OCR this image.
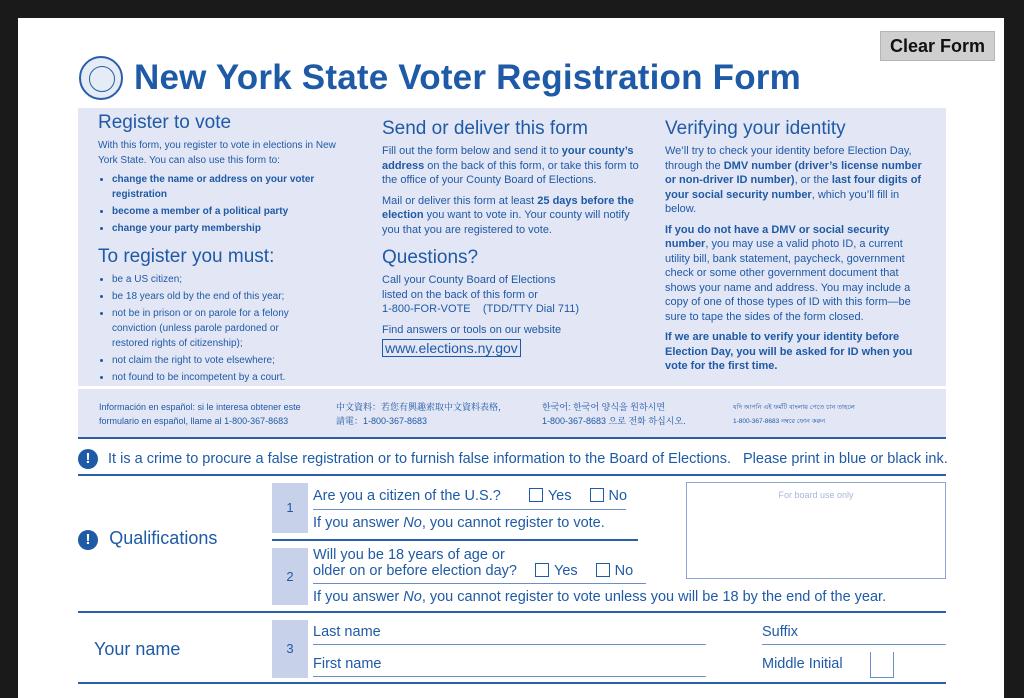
Clear Form
New York State Voter Registration Form
Register to vote
With this form, you register to vote in elections in New York State. You can also use this form to:
• change the name or address on your voter registration
• become a member of a political party
• change your party membership
To register you must:
• be a US citizen;
• be 18 years old by the end of this year;
• not be in prison or on parole for a felony conviction (unless parole pardoned or restored rights of citizenship);
• not claim the right to vote elsewhere;
• not found to be incompetent by a court.
Send or deliver this form
Fill out the form below and send it to your county’s address on the back of this form, or take this form to the office of your County Board of Elections.
Mail or deliver this form at least 25 days before the election you want to vote in. Your county will notify you that you are registered to vote.
Questions?
Call your County Board of Elections
listed on the back of this form or
1-800-FOR-VOTE (TDD/TTY Dial 711)
Find answers or tools on our website
www.elections.ny.gov
Verifying your identity
We’ll try to check your identity before Election Day, through the DMV number (driver’s license number or non-driver ID number), or the last four digits of your social security number, which you’ll fill in below.
If you do not have a DMV or social security number, you may use a valid photo ID, a current utility bill, bank statement, paycheck, government check or some other government document that shows your name and address. You may include a copy of one of those types of ID with this form—be sure to tape the sides of the form closed.
If we are unable to verify your identity before Election Day, you will be asked for ID when you vote for the first time.
Información en español: si le interesa obtener este
formulario en español, llame al 1-800-367-8683
中文資料：若您有興趣索取中文資料表格，
請電：1-800-367-8683
한국어: 한국어 양식을 원하시면
1-800-367-8683 으로 전화 하십시오.
যদি আপনি এই ফর্মটি বাংলায় পেতে চান তাহলে
1-800-367-8683 নম্বরে ফোন করুন
! It is a crime to procure a false registration or to furnish false information to the Board of Elections. Please print in blue or black ink.
! Qualifications
1
Are you a citizen of the U.S.?	Yes	No
If you answer No, you cannot register to vote.
For board use only
2
Will you be 18 years of age or
older on or before election day?	Yes	No
If you answer No, you cannot register to vote unless you will be 18 by the end of the year.
Your name	3
Last name
First name
Suffix
Middle Initial
